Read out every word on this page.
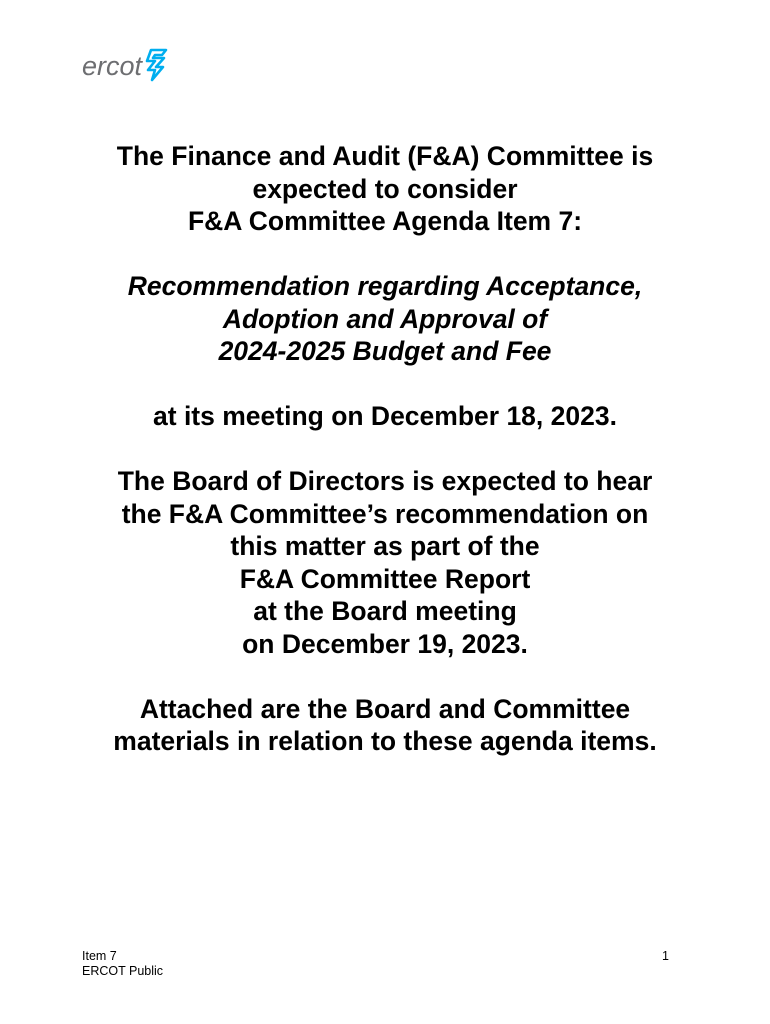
ercot

The Finance and Audit (F&A) Committee is
expected to consider
F&A Committee Agenda Item 7:

Recommendation regarding Acceptance,
Adoption and Approval of
2024-2025 Budget and Fee

at its meeting on December 18, 2023.

The Board of Directors is expected to hear
the F&A Committee’s recommendation on
this matter as part of the
F&A Committee Report
at the Board meeting
on December 19, 2023.

Attached are the Board and Committee
materials in relation to these agenda items.

Item 7
ERCOT Public
1
